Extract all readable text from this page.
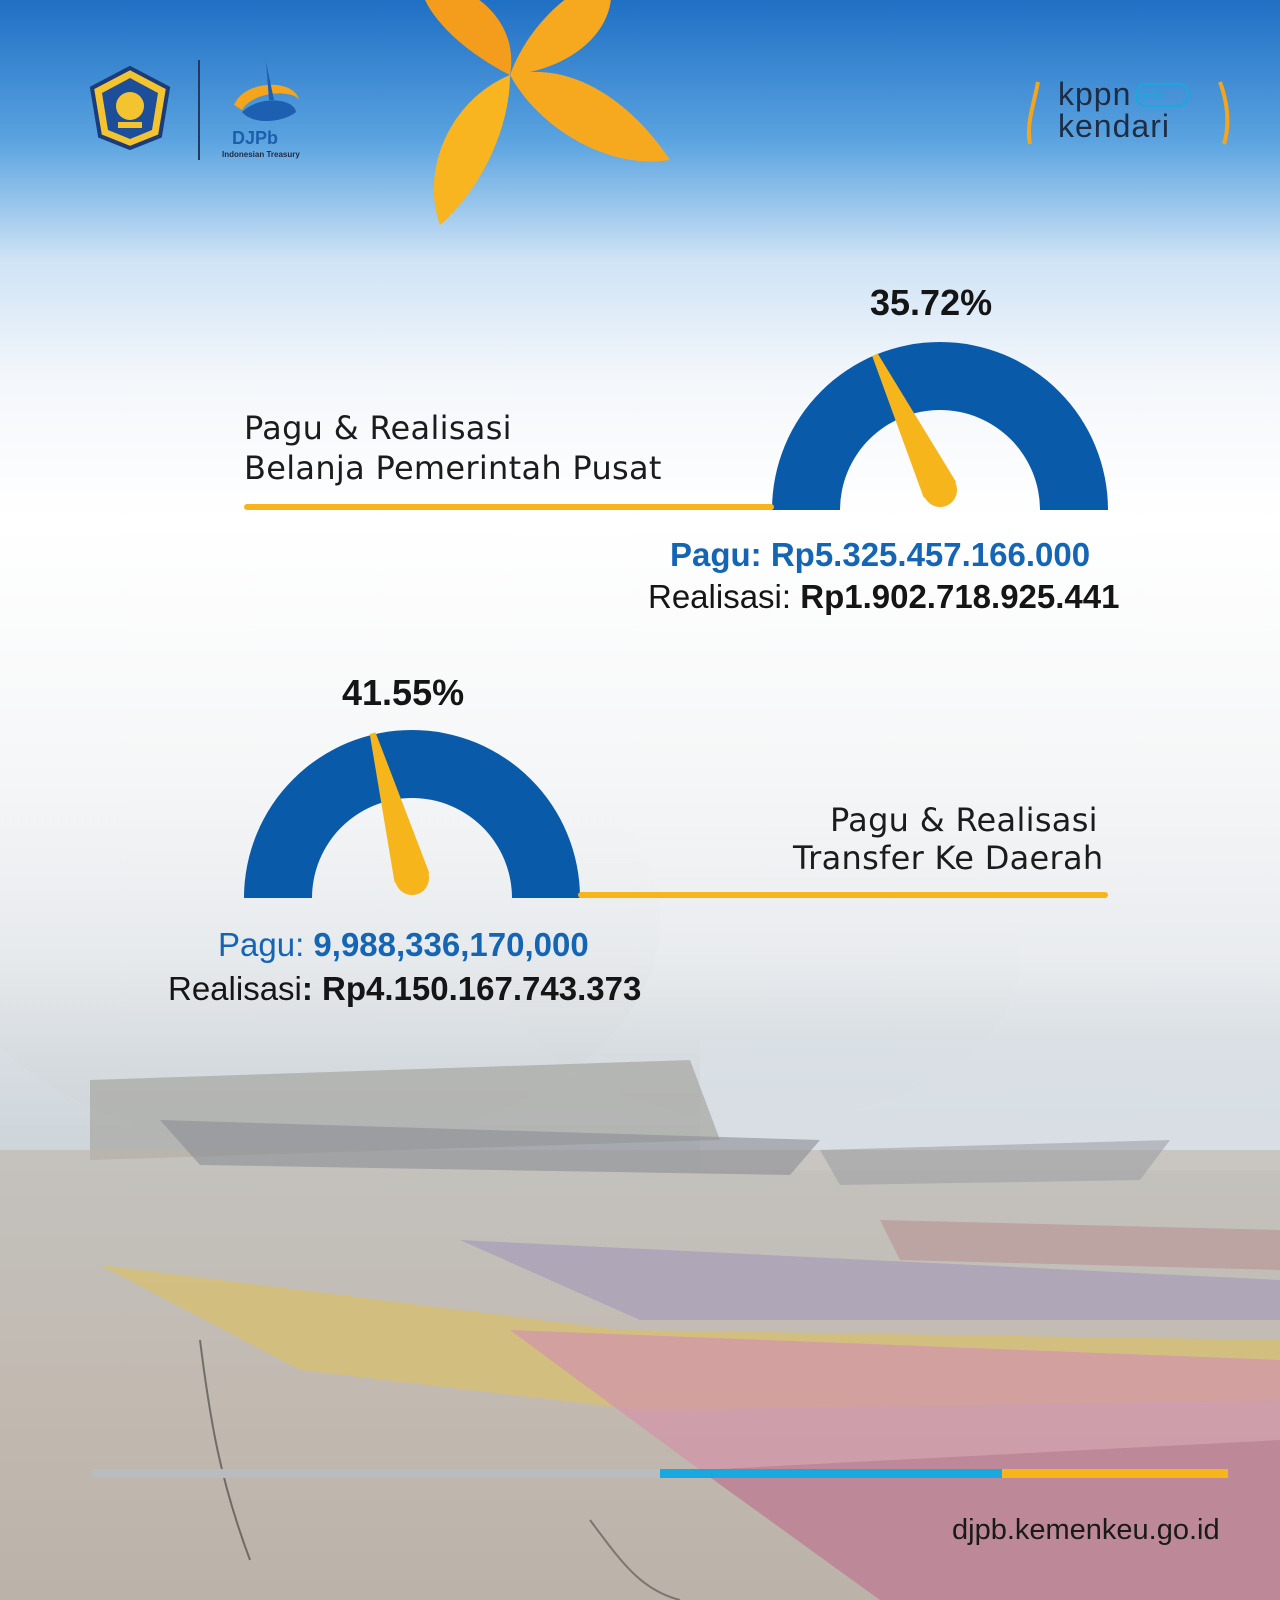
DJPb
Indonesian Treasury
kppn inTe
kendari
35.72%
Pagu & Realisasi
Belanja Pemerintah Pusat
Pagu: Rp5.325.457.166.000
Realisasi: Rp1.902.718.925.441
41.55%
Pagu & Realisasi
Transfer Ke Daerah
Pagu: 9,988,336,170,000
Realisasi: Rp4.150.167.743.373
djpb.kemenkeu.go.id
